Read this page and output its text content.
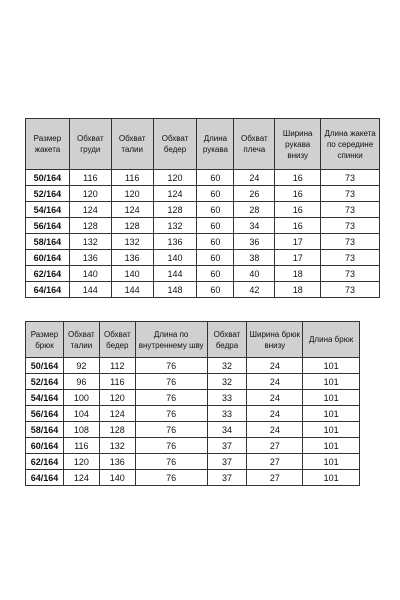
Размер жакета	Обхват груди	Обхват талии	Обхват бедер	Длина рукава	Обхват плеча	Ширина рукава внизу	Длина жакета по середине спинки
50/164	116	116	120	60	24	16	73
52/164	120	120	124	60	26	16	73
54/164	124	124	128	60	28	16	73
56/164	128	128	132	60	34	16	73
58/164	132	132	136	60	36	17	73
60/164	136	136	140	60	38	17	73
62/164	140	140	144	60	40	18	73
64/164	144	144	148	60	42	18	73
Размер брюк	Обхват талии	Обхват бедер	Длина по внутреннему шву	Обхват бедра	Ширина брюк внизу	Длина брюк
50/164	92	112	76	32	24	101
52/164	96	116	76	32	24	101
54/164	100	120	76	33	24	101
56/164	104	124	76	33	24	101
58/164	108	128	76	34	24	101
60/164	116	132	76	37	27	101
62/164	120	136	76	37	27	101
64/164	124	140	76	37	27	101
